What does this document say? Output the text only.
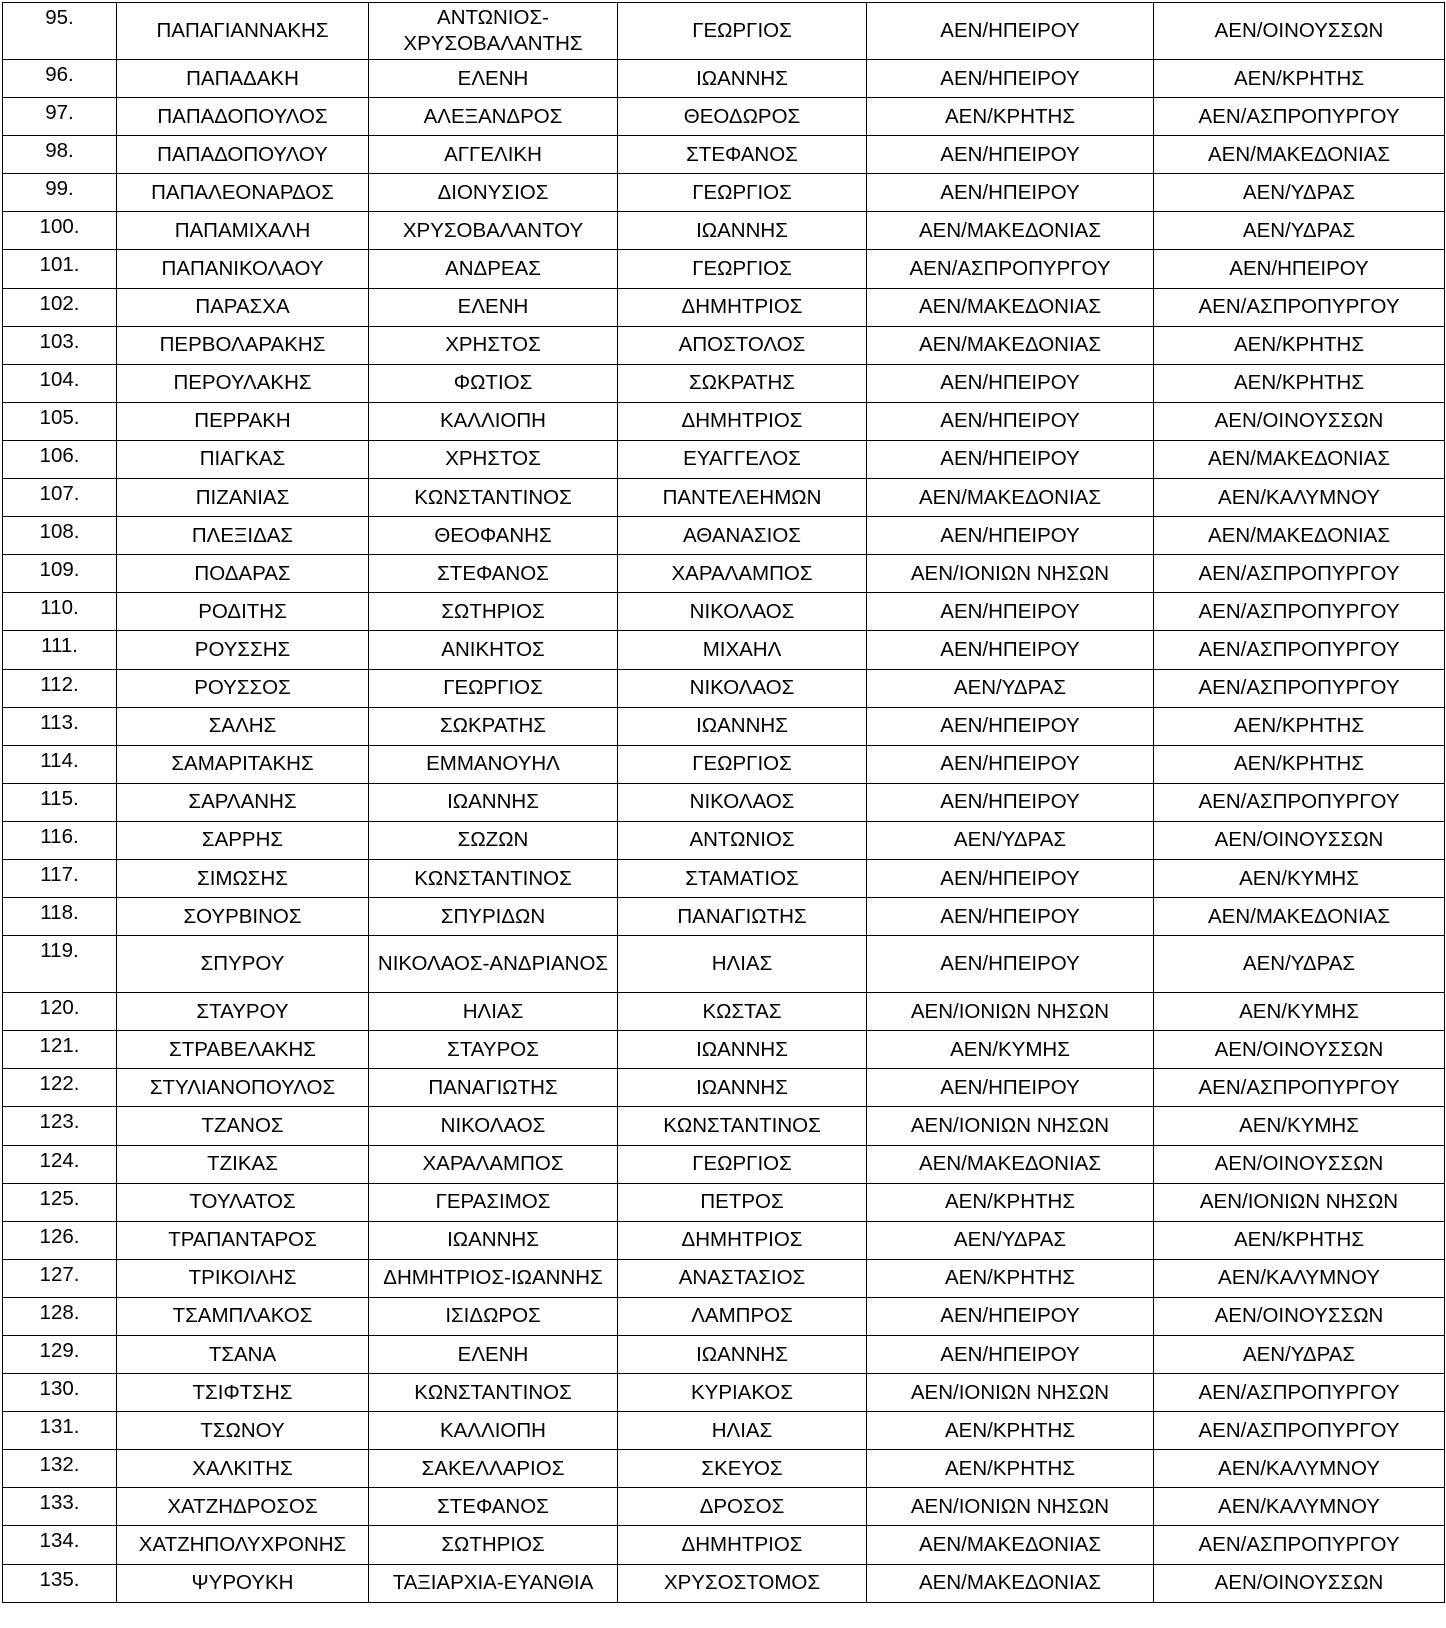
95.	ΠΑΠΑΓΙΑΝΝΑΚΗΣ	ΑΝΤΩΝΙΟΣ-ΧΡΥΣΟΒΑΛΑΝΤΗΣ	ΓΕΩΡΓΙΟΣ	ΑΕΝ/ΗΠΕΙΡΟΥ	ΑΕΝ/ΟΙΝΟΥΣΣΩΝ
96.	ΠΑΠΑΔΑΚΗ	ΕΛΕΝΗ	ΙΩΑΝΝΗΣ	ΑΕΝ/ΗΠΕΙΡΟΥ	ΑΕΝ/ΚΡΗΤΗΣ
97.	ΠΑΠΑΔΟΠΟΥΛΟΣ	ΑΛΕΞΑΝΔΡΟΣ	ΘΕΟΔΩΡΟΣ	ΑΕΝ/ΚΡΗΤΗΣ	ΑΕΝ/ΑΣΠΡΟΠΥΡΓΟΥ
98.	ΠΑΠΑΔΟΠΟΥΛΟΥ	ΑΓΓΕΛΙΚΗ	ΣΤΕΦΑΝΟΣ	ΑΕΝ/ΗΠΕΙΡΟΥ	ΑΕΝ/ΜΑΚΕΔΟΝΙΑΣ
99.	ΠΑΠΑΛΕΟΝΑΡΔΟΣ	ΔΙΟΝΥΣΙΟΣ	ΓΕΩΡΓΙΟΣ	ΑΕΝ/ΗΠΕΙΡΟΥ	ΑΕΝ/ΥΔΡΑΣ
100.	ΠΑΠΑΜΙΧΑΛΗ	ΧΡΥΣΟΒΑΛΑΝΤΟΥ	ΙΩΑΝΝΗΣ	ΑΕΝ/ΜΑΚΕΔΟΝΙΑΣ	ΑΕΝ/ΥΔΡΑΣ
101.	ΠΑΠΑΝΙΚΟΛΑΟΥ	ΑΝΔΡΕΑΣ	ΓΕΩΡΓΙΟΣ	ΑΕΝ/ΑΣΠΡΟΠΥΡΓΟΥ	ΑΕΝ/ΗΠΕΙΡΟΥ
102.	ΠΑΡΑΣΧΑ	ΕΛΕΝΗ	ΔΗΜΗΤΡΙΟΣ	ΑΕΝ/ΜΑΚΕΔΟΝΙΑΣ	ΑΕΝ/ΑΣΠΡΟΠΥΡΓΟΥ
103.	ΠΕΡΒΟΛΑΡΑΚΗΣ	ΧΡΗΣΤΟΣ	ΑΠΟΣΤΟΛΟΣ	ΑΕΝ/ΜΑΚΕΔΟΝΙΑΣ	ΑΕΝ/ΚΡΗΤΗΣ
104.	ΠΕΡΟΥΛΑΚΗΣ	ΦΩΤΙΟΣ	ΣΩΚΡΑΤΗΣ	ΑΕΝ/ΗΠΕΙΡΟΥ	ΑΕΝ/ΚΡΗΤΗΣ
105.	ΠΕΡΡΑΚΗ	ΚΑΛΛΙΟΠΗ	ΔΗΜΗΤΡΙΟΣ	ΑΕΝ/ΗΠΕΙΡΟΥ	ΑΕΝ/ΟΙΝΟΥΣΣΩΝ
106.	ΠΙΑΓΚΑΣ	ΧΡΗΣΤΟΣ	ΕΥΑΓΓΕΛΟΣ	ΑΕΝ/ΗΠΕΙΡΟΥ	ΑΕΝ/ΜΑΚΕΔΟΝΙΑΣ
107.	ΠΙΖΑΝΙΑΣ	ΚΩΝΣΤΑΝΤΙΝΟΣ	ΠΑΝΤΕΛΕΗΜΩΝ	ΑΕΝ/ΜΑΚΕΔΟΝΙΑΣ	ΑΕΝ/ΚΑΛΥΜΝΟΥ
108.	ΠΛΕΞΙΔΑΣ	ΘΕΟΦΑΝΗΣ	ΑΘΑΝΑΣΙΟΣ	ΑΕΝ/ΗΠΕΙΡΟΥ	ΑΕΝ/ΜΑΚΕΔΟΝΙΑΣ
109.	ΠΟΔΑΡΑΣ	ΣΤΕΦΑΝΟΣ	ΧΑΡΑΛΑΜΠΟΣ	ΑΕΝ/ΙΟΝΙΩΝ ΝΗΣΩΝ	ΑΕΝ/ΑΣΠΡΟΠΥΡΓΟΥ
110.	ΡΟΔΙΤΗΣ	ΣΩΤΗΡΙΟΣ	ΝΙΚΟΛΑΟΣ	ΑΕΝ/ΗΠΕΙΡΟΥ	ΑΕΝ/ΑΣΠΡΟΠΥΡΓΟΥ
111.	ΡΟΥΣΣΗΣ	ΑΝΙΚΗΤΟΣ	ΜΙΧΑΗΛ	ΑΕΝ/ΗΠΕΙΡΟΥ	ΑΕΝ/ΑΣΠΡΟΠΥΡΓΟΥ
112.	ΡΟΥΣΣΟΣ	ΓΕΩΡΓΙΟΣ	ΝΙΚΟΛΑΟΣ	ΑΕΝ/ΥΔΡΑΣ	ΑΕΝ/ΑΣΠΡΟΠΥΡΓΟΥ
113.	ΣΑΛΗΣ	ΣΩΚΡΑΤΗΣ	ΙΩΑΝΝΗΣ	ΑΕΝ/ΗΠΕΙΡΟΥ	ΑΕΝ/ΚΡΗΤΗΣ
114.	ΣΑΜΑΡΙΤΑΚΗΣ	ΕΜΜΑΝΟΥΗΛ	ΓΕΩΡΓΙΟΣ	ΑΕΝ/ΗΠΕΙΡΟΥ	ΑΕΝ/ΚΡΗΤΗΣ
115.	ΣΑΡΛΑΝΗΣ	ΙΩΑΝΝΗΣ	ΝΙΚΟΛΑΟΣ	ΑΕΝ/ΗΠΕΙΡΟΥ	ΑΕΝ/ΑΣΠΡΟΠΥΡΓΟΥ
116.	ΣΑΡΡΗΣ	ΣΩΖΩΝ	ΑΝΤΩΝΙΟΣ	ΑΕΝ/ΥΔΡΑΣ	ΑΕΝ/ΟΙΝΟΥΣΣΩΝ
117.	ΣΙΜΩΣΗΣ	ΚΩΝΣΤΑΝΤΙΝΟΣ	ΣΤΑΜΑΤΙΟΣ	ΑΕΝ/ΗΠΕΙΡΟΥ	ΑΕΝ/ΚΥΜΗΣ
118.	ΣΟΥΡΒΙΝΟΣ	ΣΠΥΡΙΔΩΝ	ΠΑΝΑΓΙΩΤΗΣ	ΑΕΝ/ΗΠΕΙΡΟΥ	ΑΕΝ/ΜΑΚΕΔΟΝΙΑΣ
119.	ΣΠΥΡΟΥ	ΝΙΚΟΛΑΟΣ-ΑΝΔΡΙΑΝΟΣ	ΗΛΙΑΣ	ΑΕΝ/ΗΠΕΙΡΟΥ	ΑΕΝ/ΥΔΡΑΣ
120.	ΣΤΑΥΡΟΥ	ΗΛΙΑΣ	ΚΩΣΤΑΣ	ΑΕΝ/ΙΟΝΙΩΝ ΝΗΣΩΝ	ΑΕΝ/ΚΥΜΗΣ
121.	ΣΤΡΑΒΕΛΑΚΗΣ	ΣΤΑΥΡΟΣ	ΙΩΑΝΝΗΣ	ΑΕΝ/ΚΥΜΗΣ	ΑΕΝ/ΟΙΝΟΥΣΣΩΝ
122.	ΣΤΥΛΙΑΝΟΠΟΥΛΟΣ	ΠΑΝΑΓΙΩΤΗΣ	ΙΩΑΝΝΗΣ	ΑΕΝ/ΗΠΕΙΡΟΥ	ΑΕΝ/ΑΣΠΡΟΠΥΡΓΟΥ
123.	ΤΖΑΝΟΣ	ΝΙΚΟΛΑΟΣ	ΚΩΝΣΤΑΝΤΙΝΟΣ	ΑΕΝ/ΙΟΝΙΩΝ ΝΗΣΩΝ	ΑΕΝ/ΚΥΜΗΣ
124.	ΤΖΙΚΑΣ	ΧΑΡΑΛΑΜΠΟΣ	ΓΕΩΡΓΙΟΣ	ΑΕΝ/ΜΑΚΕΔΟΝΙΑΣ	ΑΕΝ/ΟΙΝΟΥΣΣΩΝ
125.	ΤΟΥΛΑΤΟΣ	ΓΕΡΑΣΙΜΟΣ	ΠΕΤΡΟΣ	ΑΕΝ/ΚΡΗΤΗΣ	ΑΕΝ/ΙΟΝΙΩΝ ΝΗΣΩΝ
126.	ΤΡΑΠΑΝΤΑΡΟΣ	ΙΩΑΝΝΗΣ	ΔΗΜΗΤΡΙΟΣ	ΑΕΝ/ΥΔΡΑΣ	ΑΕΝ/ΚΡΗΤΗΣ
127.	ΤΡΙΚΟΙΛΗΣ	ΔΗΜΗΤΡΙΟΣ-ΙΩΑΝΝΗΣ	ΑΝΑΣΤΑΣΙΟΣ	ΑΕΝ/ΚΡΗΤΗΣ	ΑΕΝ/ΚΑΛΥΜΝΟΥ
128.	ΤΣΑΜΠΛΑΚΟΣ	ΙΣΙΔΩΡΟΣ	ΛΑΜΠΡΟΣ	ΑΕΝ/ΗΠΕΙΡΟΥ	ΑΕΝ/ΟΙΝΟΥΣΣΩΝ
129.	ΤΣΑΝΑ	ΕΛΕΝΗ	ΙΩΑΝΝΗΣ	ΑΕΝ/ΗΠΕΙΡΟΥ	ΑΕΝ/ΥΔΡΑΣ
130.	ΤΣΙΦΤΣΗΣ	ΚΩΝΣΤΑΝΤΙΝΟΣ	ΚΥΡΙΑΚΟΣ	ΑΕΝ/ΙΟΝΙΩΝ ΝΗΣΩΝ	ΑΕΝ/ΑΣΠΡΟΠΥΡΓΟΥ
131.	ΤΣΩΝΟΥ	ΚΑΛΛΙΟΠΗ	ΗΛΙΑΣ	ΑΕΝ/ΚΡΗΤΗΣ	ΑΕΝ/ΑΣΠΡΟΠΥΡΓΟΥ
132.	ΧΑΛΚΙΤΗΣ	ΣΑΚΕΛΛΑΡΙΟΣ	ΣΚΕΥΟΣ	ΑΕΝ/ΚΡΗΤΗΣ	ΑΕΝ/ΚΑΛΥΜΝΟΥ
133.	ΧΑΤΖΗΔΡΟΣΟΣ	ΣΤΕΦΑΝΟΣ	ΔΡΟΣΟΣ	ΑΕΝ/ΙΟΝΙΩΝ ΝΗΣΩΝ	ΑΕΝ/ΚΑΛΥΜΝΟΥ
134.	ΧΑΤΖΗΠΟΛΥΧΡΟΝΗΣ	ΣΩΤΗΡΙΟΣ	ΔΗΜΗΤΡΙΟΣ	ΑΕΝ/ΜΑΚΕΔΟΝΙΑΣ	ΑΕΝ/ΑΣΠΡΟΠΥΡΓΟΥ
135.	ΨΥΡΟΥΚΗ	ΤΑΞΙΑΡΧΙΑ-ΕΥΑΝΘΙΑ	ΧΡΥΣΟΣΤΟΜΟΣ	ΑΕΝ/ΜΑΚΕΔΟΝΙΑΣ	ΑΕΝ/ΟΙΝΟΥΣΣΩΝ
